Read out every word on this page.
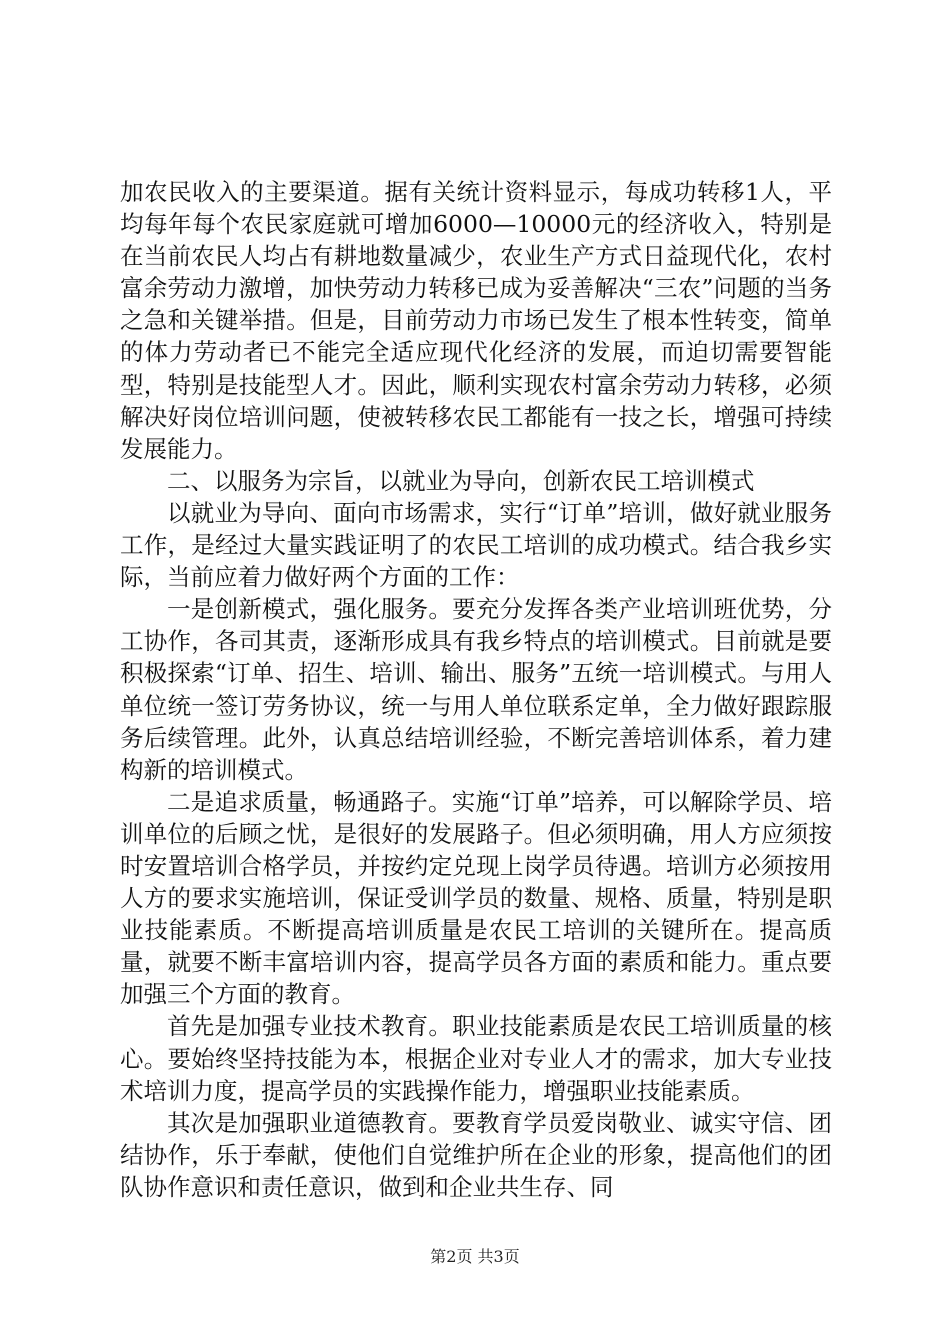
加农民收入的主要渠道。据有关统计资料显示，每成功转移1人，平均每年每个农民家庭就可增加6000—10000元的经济收入，特别是在当前农民人均占有耕地数量减少，农业生产方式日益现代化，农村富余劳动力激增，加快劳动力转移已成为妥善解决“三农”问题的当务之急和关键举措。但是，目前劳动力市场已发生了根本性转变，简单的体力劳动者已不能完全适应现代化经济的发展，而迫切需要智能型，特别是技能型人才。因此，顺利实现农村富余劳动力转移，必须解决好岗位培训问题，使被转移农民工都能有一技之长，增强可持续发展能力。

二、以服务为宗旨，以就业为导向，创新农民工培训模式

以就业为导向、面向市场需求，实行“订单”培训，做好就业服务工作，是经过大量实践证明了的农民工培训的成功模式。结合我乡实际，当前应着力做好两个方面的工作：

一是创新模式，强化服务。要充分发挥各类产业培训班优势，分工协作，各司其责，逐渐形成具有我乡特点的培训模式。目前就是要积极探索“订单、招生、培训、输出、服务”五统一培训模式。与用人单位统一签订劳务协议，统一与用人单位联系定单，全力做好跟踪服务后续管理。此外，认真总结培训经验，不断完善培训体系，着力建构新的培训模式。

二是追求质量，畅通路子。实施“订单”培养，可以解除学员、培训单位的后顾之忧，是很好的发展路子。但必须明确，用人方应须按时安置培训合格学员，并按约定兑现上岗学员待遇。培训方必须按用人方的要求实施培训，保证受训学员的数量、规格、质量，特别是职业技能素质。不断提高培训质量是农民工培训的关键所在。提高质量，就要不断丰富培训内容，提高学员各方面的素质和能力。重点要加强三个方面的教育。

首先是加强专业技术教育。职业技能素质是农民工培训质量的核心。要始终坚持技能为本，根据企业对专业人才的需求，加大专业技术培训力度，提高学员的实践操作能力，增强职业技能素质。

其次是加强职业道德教育。要教育学员爱岗敬业、诚实守信、团结协作，乐于奉献，使他们自觉维护所在企业的形象，提高他们的团队协作意识和责任意识，做到和企业共生存、同

第2页 共3页
